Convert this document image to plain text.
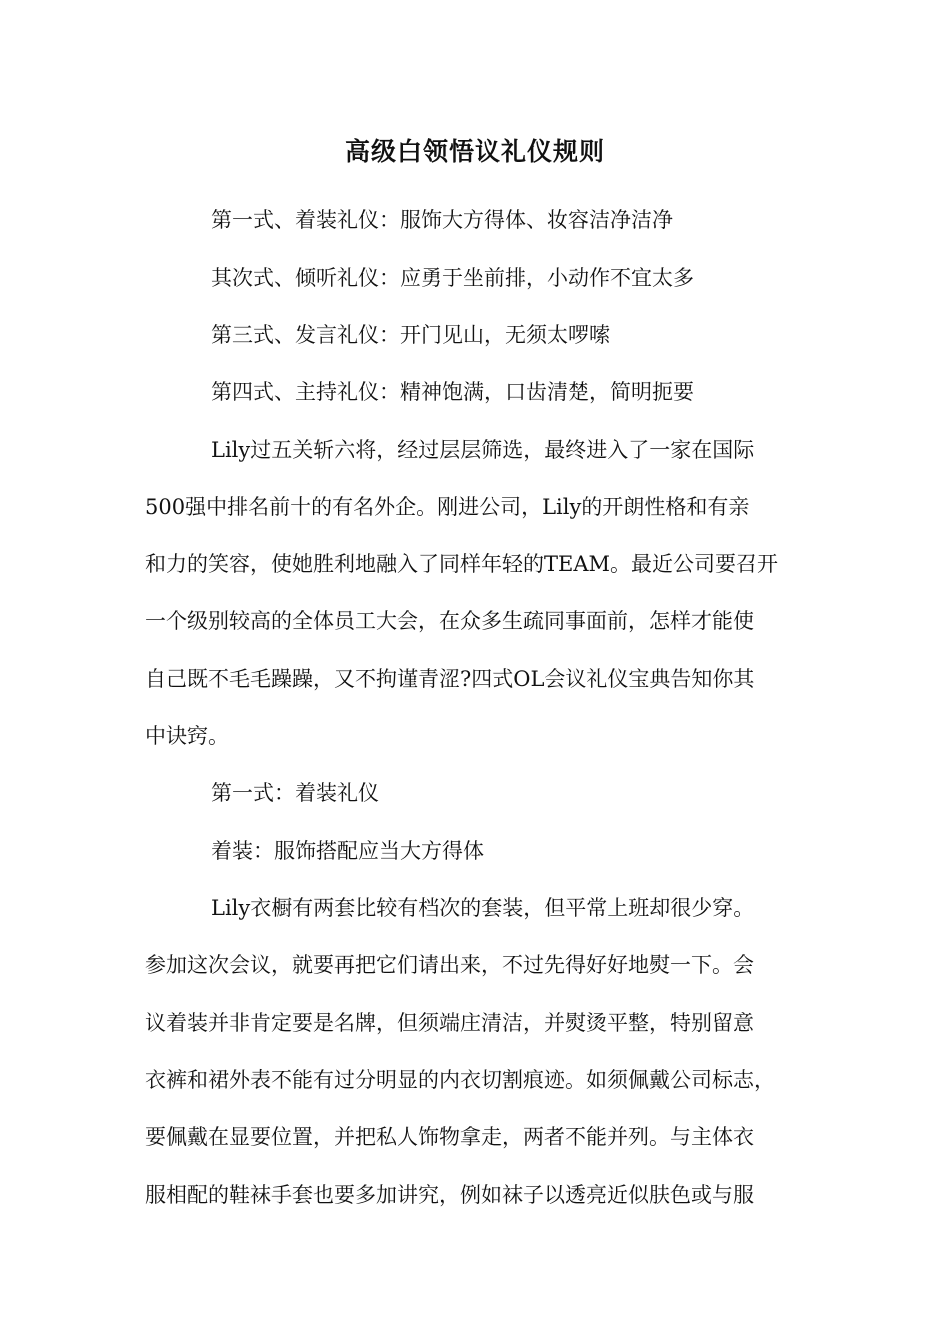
高级白领悟议礼仪规则
第一式、着装礼仪：服饰大方得体、妆容洁净洁净
其次式、倾听礼仪：应勇于坐前排，小动作不宜太多
第三式、发言礼仪：开门见山，无须太啰嗦
第四式、主持礼仪：精神饱满，口齿清楚，简明扼要
Lily过五关斩六将，经过层层筛选，最终进入了一家在国际
500强中排名前十的有名外企。刚进公司，Lily的开朗性格和有亲
和力的笑容，使她胜利地融入了同样年轻的TEAM。最近公司要召开
一个级别较高的全体员工大会，在众多生疏同事面前，怎样才能使
自己既不毛毛躁躁，又不拘谨青涩?四式OL会议礼仪宝典告知你其
中诀窍。
第一式：着装礼仪
着装：服饰搭配应当大方得体
Lily衣橱有两套比较有档次的套装，但平常上班却很少穿。
参加这次会议，就要再把它们请出来，不过先得好好地熨一下。会
议着装并非肯定要是名牌，但须端庄清洁，并熨烫平整，特别留意
衣裤和裙外表不能有过分明显的内衣切割痕迹。如须佩戴公司标志，
要佩戴在显要位置，并把私人饰物拿走，两者不能并列。与主体衣
服相配的鞋袜手套也要多加讲究，例如袜子以透亮近似肤色或与服
